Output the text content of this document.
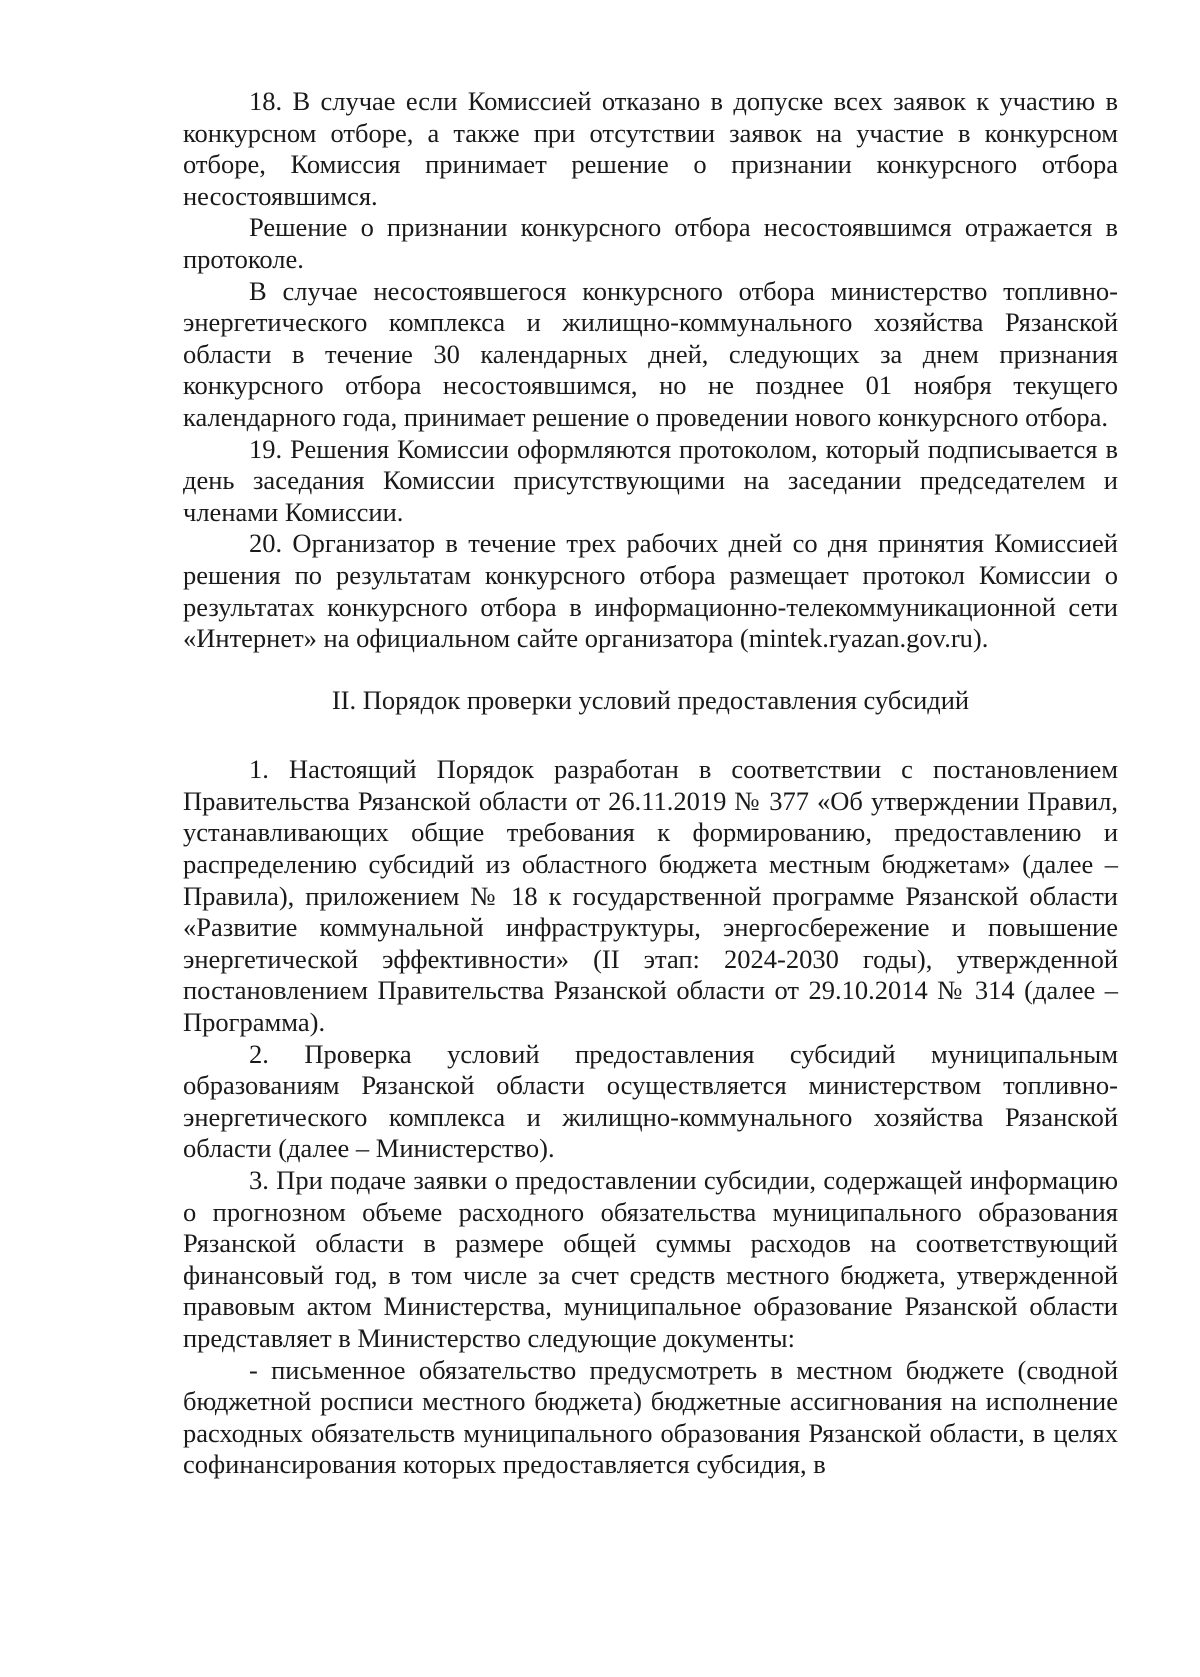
18. В случае если Комиссией отказано в допуске всех заявок к участию в конкурсном отборе, а также при отсутствии заявок на участие в конкурсном отборе, Комиссия принимает решение о признании конкурсного отбора несостоявшимся.

Решение о признании конкурсного отбора несостоявшимся отражается в протоколе.

В случае несостоявшегося конкурсного отбора министерство топливно-энергетического комплекса и жилищно-коммунального хозяйства Рязанской области в течение 30 календарных дней, следующих за днем признания конкурсного отбора несостоявшимся, но не позднее 01 ноября текущего календарного года, принимает решение о проведении нового конкурсного отбора.

19. Решения Комиссии оформляются протоколом, который подписывается в день заседания Комиссии присутствующими на заседании председателем и членами Комиссии.

20. Организатор в течение трех рабочих дней со дня принятия Комиссией решения по результатам конкурсного отбора размещает протокол Комиссии о результатах конкурсного отбора в информационно-телекоммуникационной сети «Интернет» на официальном сайте организатора (mintek.ryazan.gov.ru).

II. Порядок проверки условий предоставления субсидий

1. Настоящий Порядок разработан в соответствии с постановлением Правительства Рязанской области от 26.11.2019 № 377 «Об утверждении Правил, устанавливающих общие требования к формированию, предоставлению и распределению субсидий из областного бюджета местным бюджетам» (далее – Правила), приложением № 18 к государственной программе Рязанской области «Развитие коммунальной инфраструктуры, энергосбережение и повышение энергетической эффективности» (II этап: 2024-2030 годы), утвержденной постановлением Правительства Рязанской области от 29.10.2014 № 314 (далее – Программа).

2. Проверка условий предоставления субсидий муниципальным образованиям Рязанской области осуществляется министерством топливно-энергетического комплекса и жилищно-коммунального хозяйства Рязанской области (далее – Министерство).

3. При подаче заявки о предоставлении субсидии, содержащей информацию о прогнозном объеме расходного обязательства муниципального образования Рязанской области в размере общей суммы расходов на соответствующий финансовый год, в том числе за счет средств местного бюджета, утвержденной правовым актом Министерства, муниципальное образование Рязанской области представляет в Министерство следующие документы:

- письменное обязательство предусмотреть в местном бюджете (сводной бюджетной росписи местного бюджета) бюджетные ассигнования на исполнение расходных обязательств муниципального образования Рязанской области, в целях софинансирования которых предоставляется субсидия, в
